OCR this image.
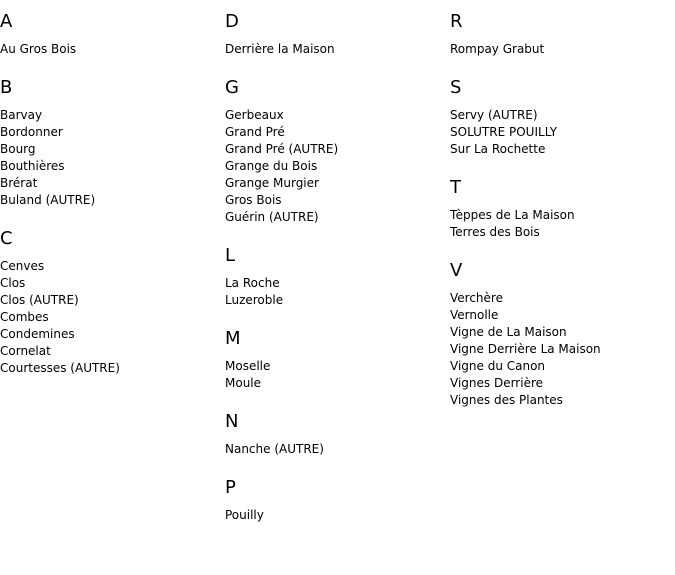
A
Au Gros Bois
B
Barvay
Bordonner
Bourg
Bouthières
Brérat
Buland (AUTRE)
C
Cenves
Clos
Clos (AUTRE)
Combes
Condemines
Cornelat
Courtesses (AUTRE)
D
Derrière la Maison
G
Gerbeaux
Grand Pré
Grand Pré (AUTRE)
Grange du Bois
Grange Murgier
Gros Bois
Guérin (AUTRE)
L
La Roche
Luzeroble
M
Moselle
Moule
N
Nanche (AUTRE)
P
Pouilly
R
Rompay Grabut
S
Servy (AUTRE)
SOLUTRE POUILLY
Sur La Rochette
T
Tèppes de La Maison
Terres des Bois
V
Verchère
Vernolle
Vigne de La Maison
Vigne Derrière La Maison
Vigne du Canon
Vignes Derrière
Vignes des Plantes
